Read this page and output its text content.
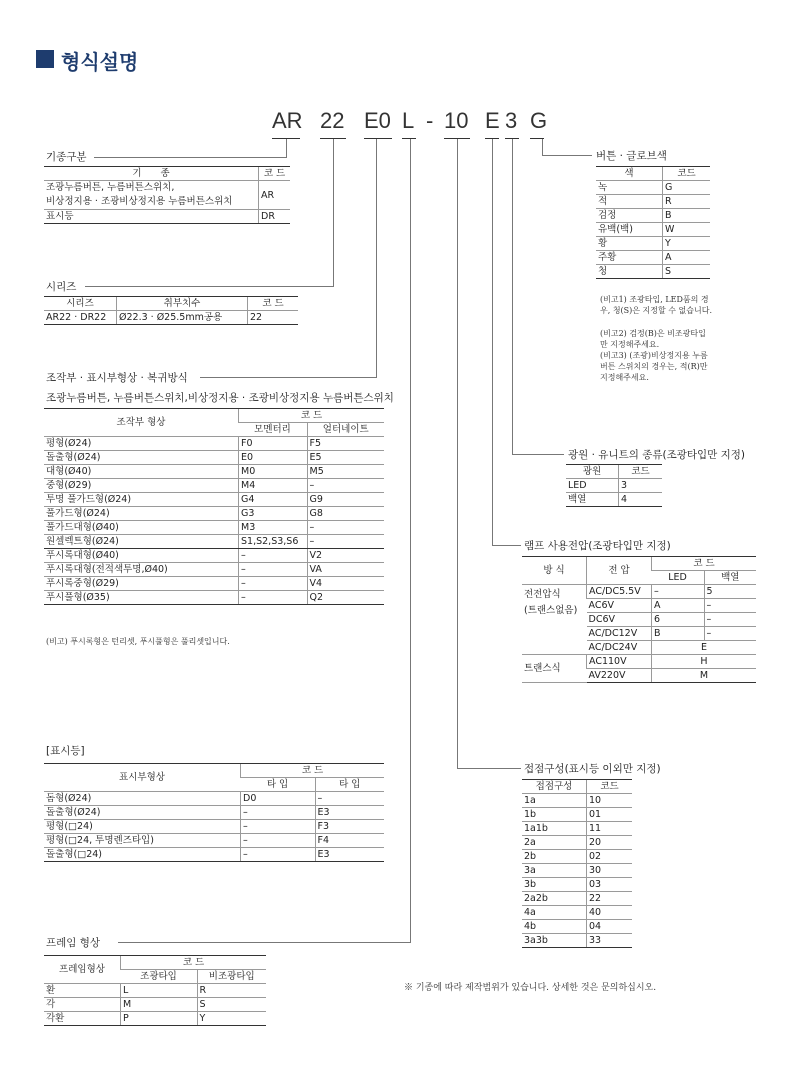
형식설명
AR 22 E0 L - 10 E 3 G
기종구분
기　　종	코 드
조광누름버튼, 누름버튼스위치,
비상정지용 · 조광비상정지용 누름버튼스위치	AR
표시등	DR
시리즈
시리즈	취부치수	코 드
AR22 · DR22	Ø22.3 · Ø25.5mm공용	22
조작부 · 표시부형상 · 복귀방식
조광누름버튼, 누름버튼스위치,비상정지용 · 조광비상정지용 누름버튼스위치
조작부 형상	코 드	
	모멘터리	얼터네이트
평형(Ø24)	F0	F5
돌출형(Ø24)	E0	E5
대형(Ø40)	M0	M5
중형(Ø29)	M4	–
투명 풀가드형(Ø24)	G4	G9
풀가드형(Ø24)	G3	G8
풀가드대형(Ø40)	M3	–
원셀렉트형(Ø24)	S1,S2,S3,S6	–
푸시록대형(Ø40)	–	V2
푸시록대형(전적색투명,Ø40)	–	VA
푸시록중형(Ø29)	–	V4
푸시풀형(Ø35)	–	Q2
(비고) 푸시록형은 턴리셋, 푸시풀형은 풀리셋입니다.
[표시등]
표시부형상	코 드	
	타 입	타 입
돔형(Ø24)	D0	–
돌출형(Ø24)	–	E3
평형(□24)	–	F3
평형(□24, 투명렌즈타입)	–	F4
돌출형(□24)	–	E3
프레임 형상
프레임형상	코 드	
	조광타입	비조광타입
환	L	R
각	M	S
각환	P	Y
버튼 · 글로브색
색	코드
녹	G
적	R
검정	B
유백(백)	W
황	Y
주황	A
청	S
(비고1) 조광타입, LED품의 경우, 청(S)은 지정할 수 없습니다.
(비고2) 검정(B)은 비조광타입만 지정해주세요.
(비고3) (조광)비상정지용 누름버튼 스위치의 경우는, 적(R)만 지정해주세요.
광원 · 유니트의 종류(조광타입만 지정)
광원	코드
LED	3
백열	4
램프 사용전압(조광타입만 지정)
방 식	전 압	코 드	
		LED	백열
전전압식
(트랜스없음)	AC/DC5.5V	–	5
	AC6V	A	–
	DC6V	6	–
	AC/DC12V	B	–
	AC/DC24V	E	
트랜스식	AC110V	H	
	AV220V	M	
접점구성(표시등 이외만 지정)
접점구성	코드
1a	10
1b	01
1a1b	11
2a	20
2b	02
3a	30
3b	03
2a2b	22
4a	40
4b	04
3a3b	33
※ 기종에 따라 제작범위가 있습니다. 상세한 것은 문의하십시오.
